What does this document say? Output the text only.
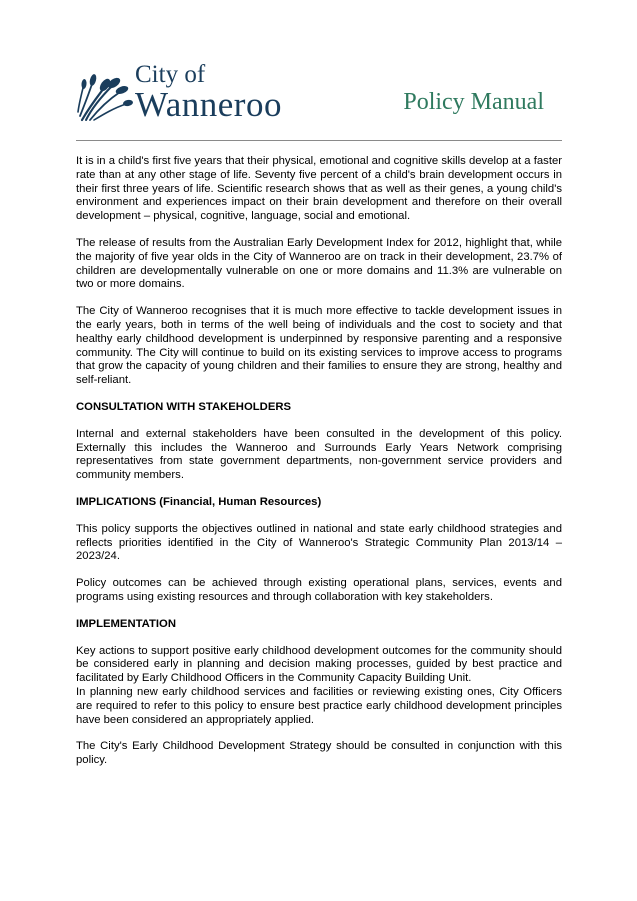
City of
Wanneroo	Policy Manual

It is in a child's first five years that their physical, emotional and cognitive skills develop at a faster rate than at any other stage of life. Seventy five percent of a child's brain development occurs in their first three years of life. Scientific research shows that as well as their genes, a young child's environment and experiences impact on their brain development and therefore on their overall development – physical, cognitive, language, social and emotional.

The release of results from the Australian Early Development Index for 2012, highlight that, while the majority of five year olds in the City of Wanneroo are on track in their development, 23.7% of children are developmentally vulnerable on one or more domains and 11.3% are vulnerable on two or more domains.

The City of Wanneroo recognises that it is much more effective to tackle development issues in the early years, both in terms of the well being of individuals and the cost to society and that healthy early childhood development is underpinned by responsive parenting and a responsive community. The City will continue to build on its existing services to improve access to programs that grow the capacity of young children and their families to ensure they are strong, healthy and self-reliant.

CONSULTATION WITH STAKEHOLDERS

Internal and external stakeholders have been consulted in the development of this policy. Externally this includes the Wanneroo and Surrounds Early Years Network comprising representatives from state government departments, non-government service providers and community members.

IMPLICATIONS (Financial, Human Resources)

This policy supports the objectives outlined in national and state early childhood strategies and reflects priorities identified in the City of Wanneroo's Strategic Community Plan 2013/14 – 2023/24.

Policy outcomes can be achieved through existing operational plans, services, events and programs using existing resources and through collaboration with key stakeholders.

IMPLEMENTATION

Key actions to support positive early childhood development outcomes for the community should be considered early in planning and decision making processes, guided by best practice and facilitated by Early Childhood Officers in the Community Capacity Building Unit.

In planning new early childhood services and facilities or reviewing existing ones, City Officers are required to refer to this policy to ensure best practice early childhood development principles have been considered an appropriately applied.

The City's Early Childhood Development Strategy should be consulted in conjunction with this policy.
